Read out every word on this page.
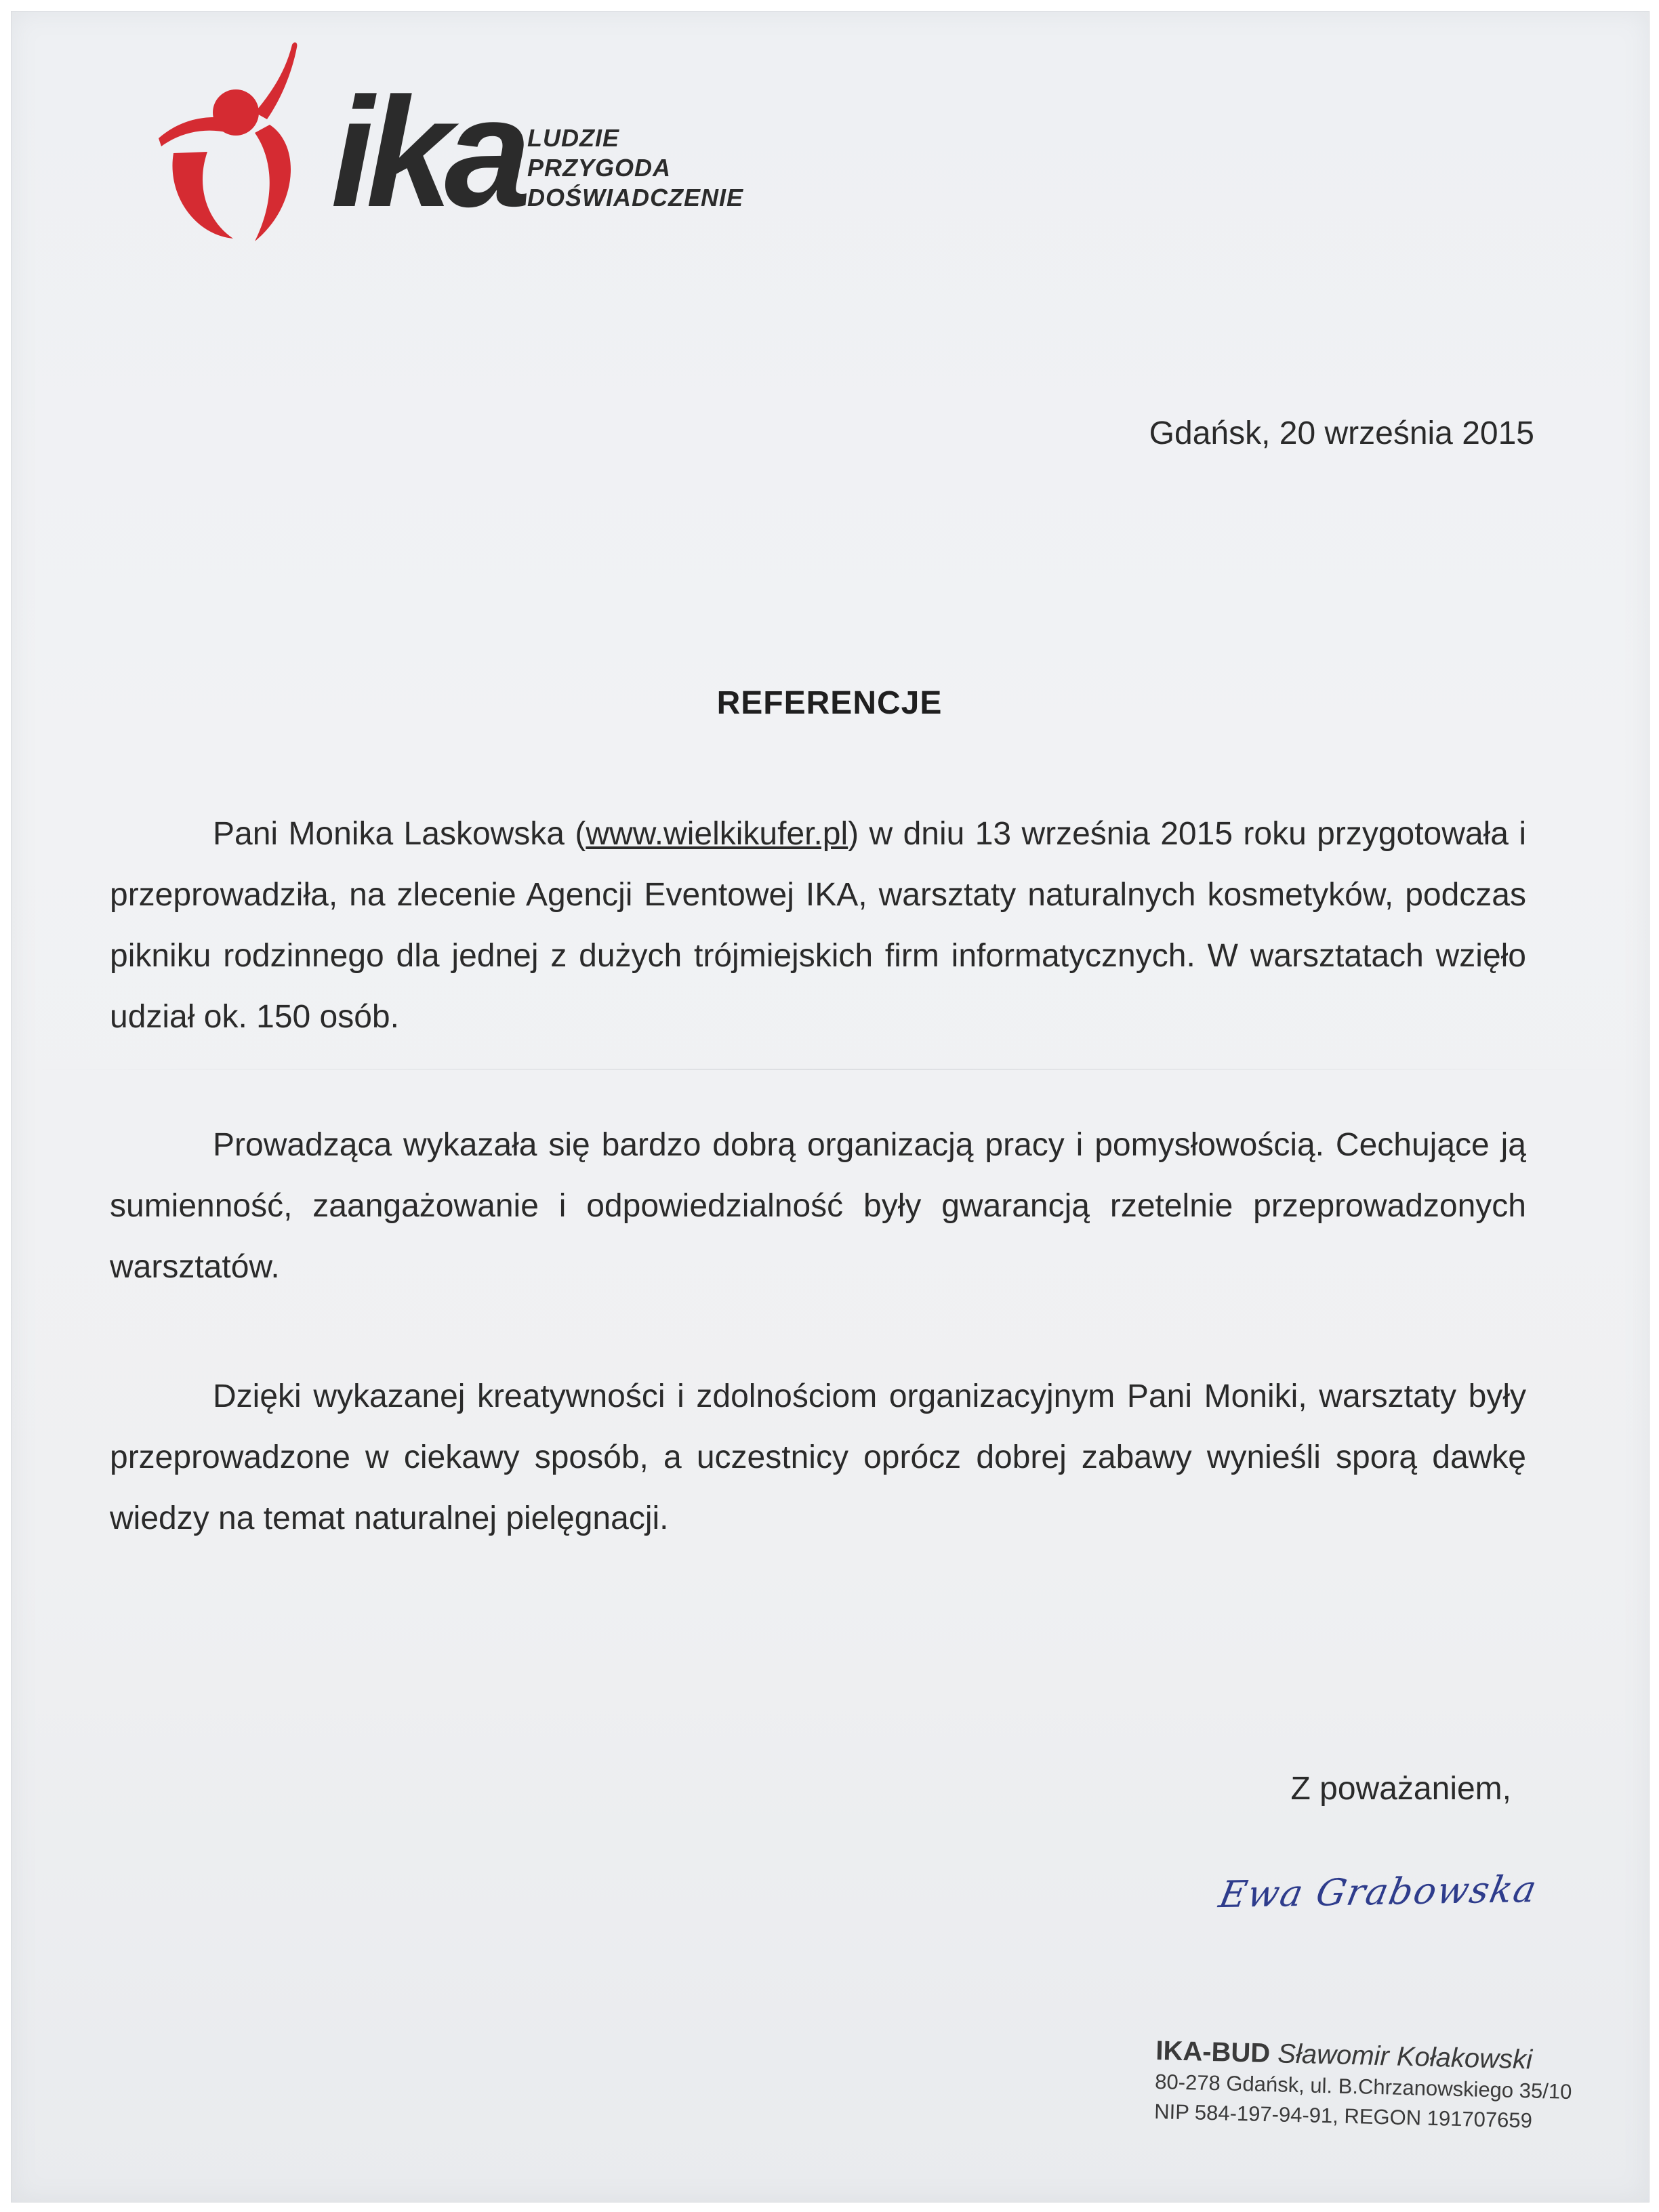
ika LUDZIE
PRZYGODA
DOŚWIADCZENIE
Gdańsk, 20 września 2015
REFERENCJE
Pani Monika Laskowska (www.wielkikufer.pl) w dniu 13 września 2015 roku przygotowała i przeprowadziła, na zlecenie Agencji Eventowej IKA, warsztaty naturalnych kosmetyków, podczas pikniku rodzinnego dla jednej z dużych trójmiejskich firm informatycznych. W warsztatach wzięło udział ok. 150 osób.
Prowadząca wykazała się bardzo dobrą organizacją pracy i pomysłowością. Cechujące ją sumienność, zaangażowanie i odpowiedzialność były gwarancją rzetelnie przeprowadzonych warsztatów.
Dzięki wykazanej kreatywności i zdolnościom organizacyjnym Pani Moniki, warsztaty były przeprowadzone w ciekawy sposób, a uczestnicy oprócz dobrej zabawy wynieśli sporą dawkę wiedzy na temat naturalnej pielęgnacji.
Z poważaniem,
Ewa Grabowska
IKA-BUD Sławomir Kołakowski
80-278 Gdańsk, ul. B.Chrzanowskiego 35/10
NIP 584-197-94-91, REGON 191707659
